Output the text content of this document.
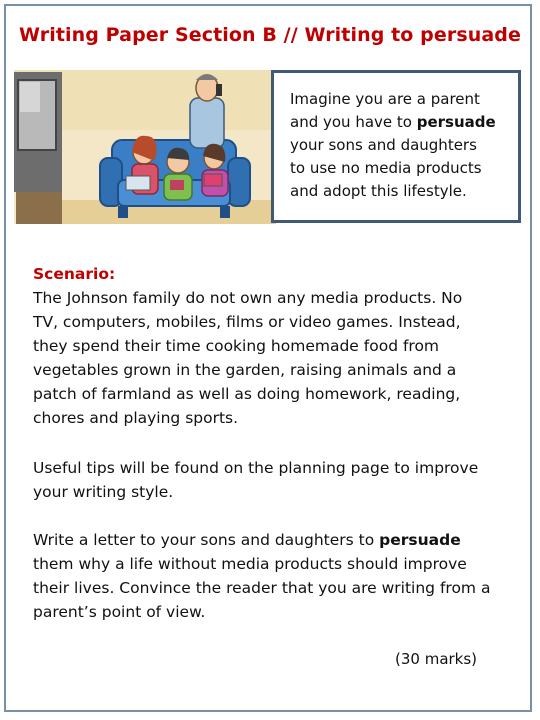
Writing Paper Section B // Writing to persuade
Imagine you are a parent
and you have to persuade
your sons and daughters
to use no media products
and adopt this lifestyle.
Scenario:
The Johnson family do not own any media products. No
TV, computers, mobiles, films or video games. Instead,
they spend their time cooking homemade food from
vegetables grown in the garden, raising animals and a
patch of farmland as well as doing homework, reading,
chores and playing sports.
Useful tips will be found on the planning page to improve
your writing style.
Write a letter to your sons and daughters to persuade
them why a life without media products should improve
their lives. Convince the reader that you are writing from a
parent’s point of view.
(30 marks)
